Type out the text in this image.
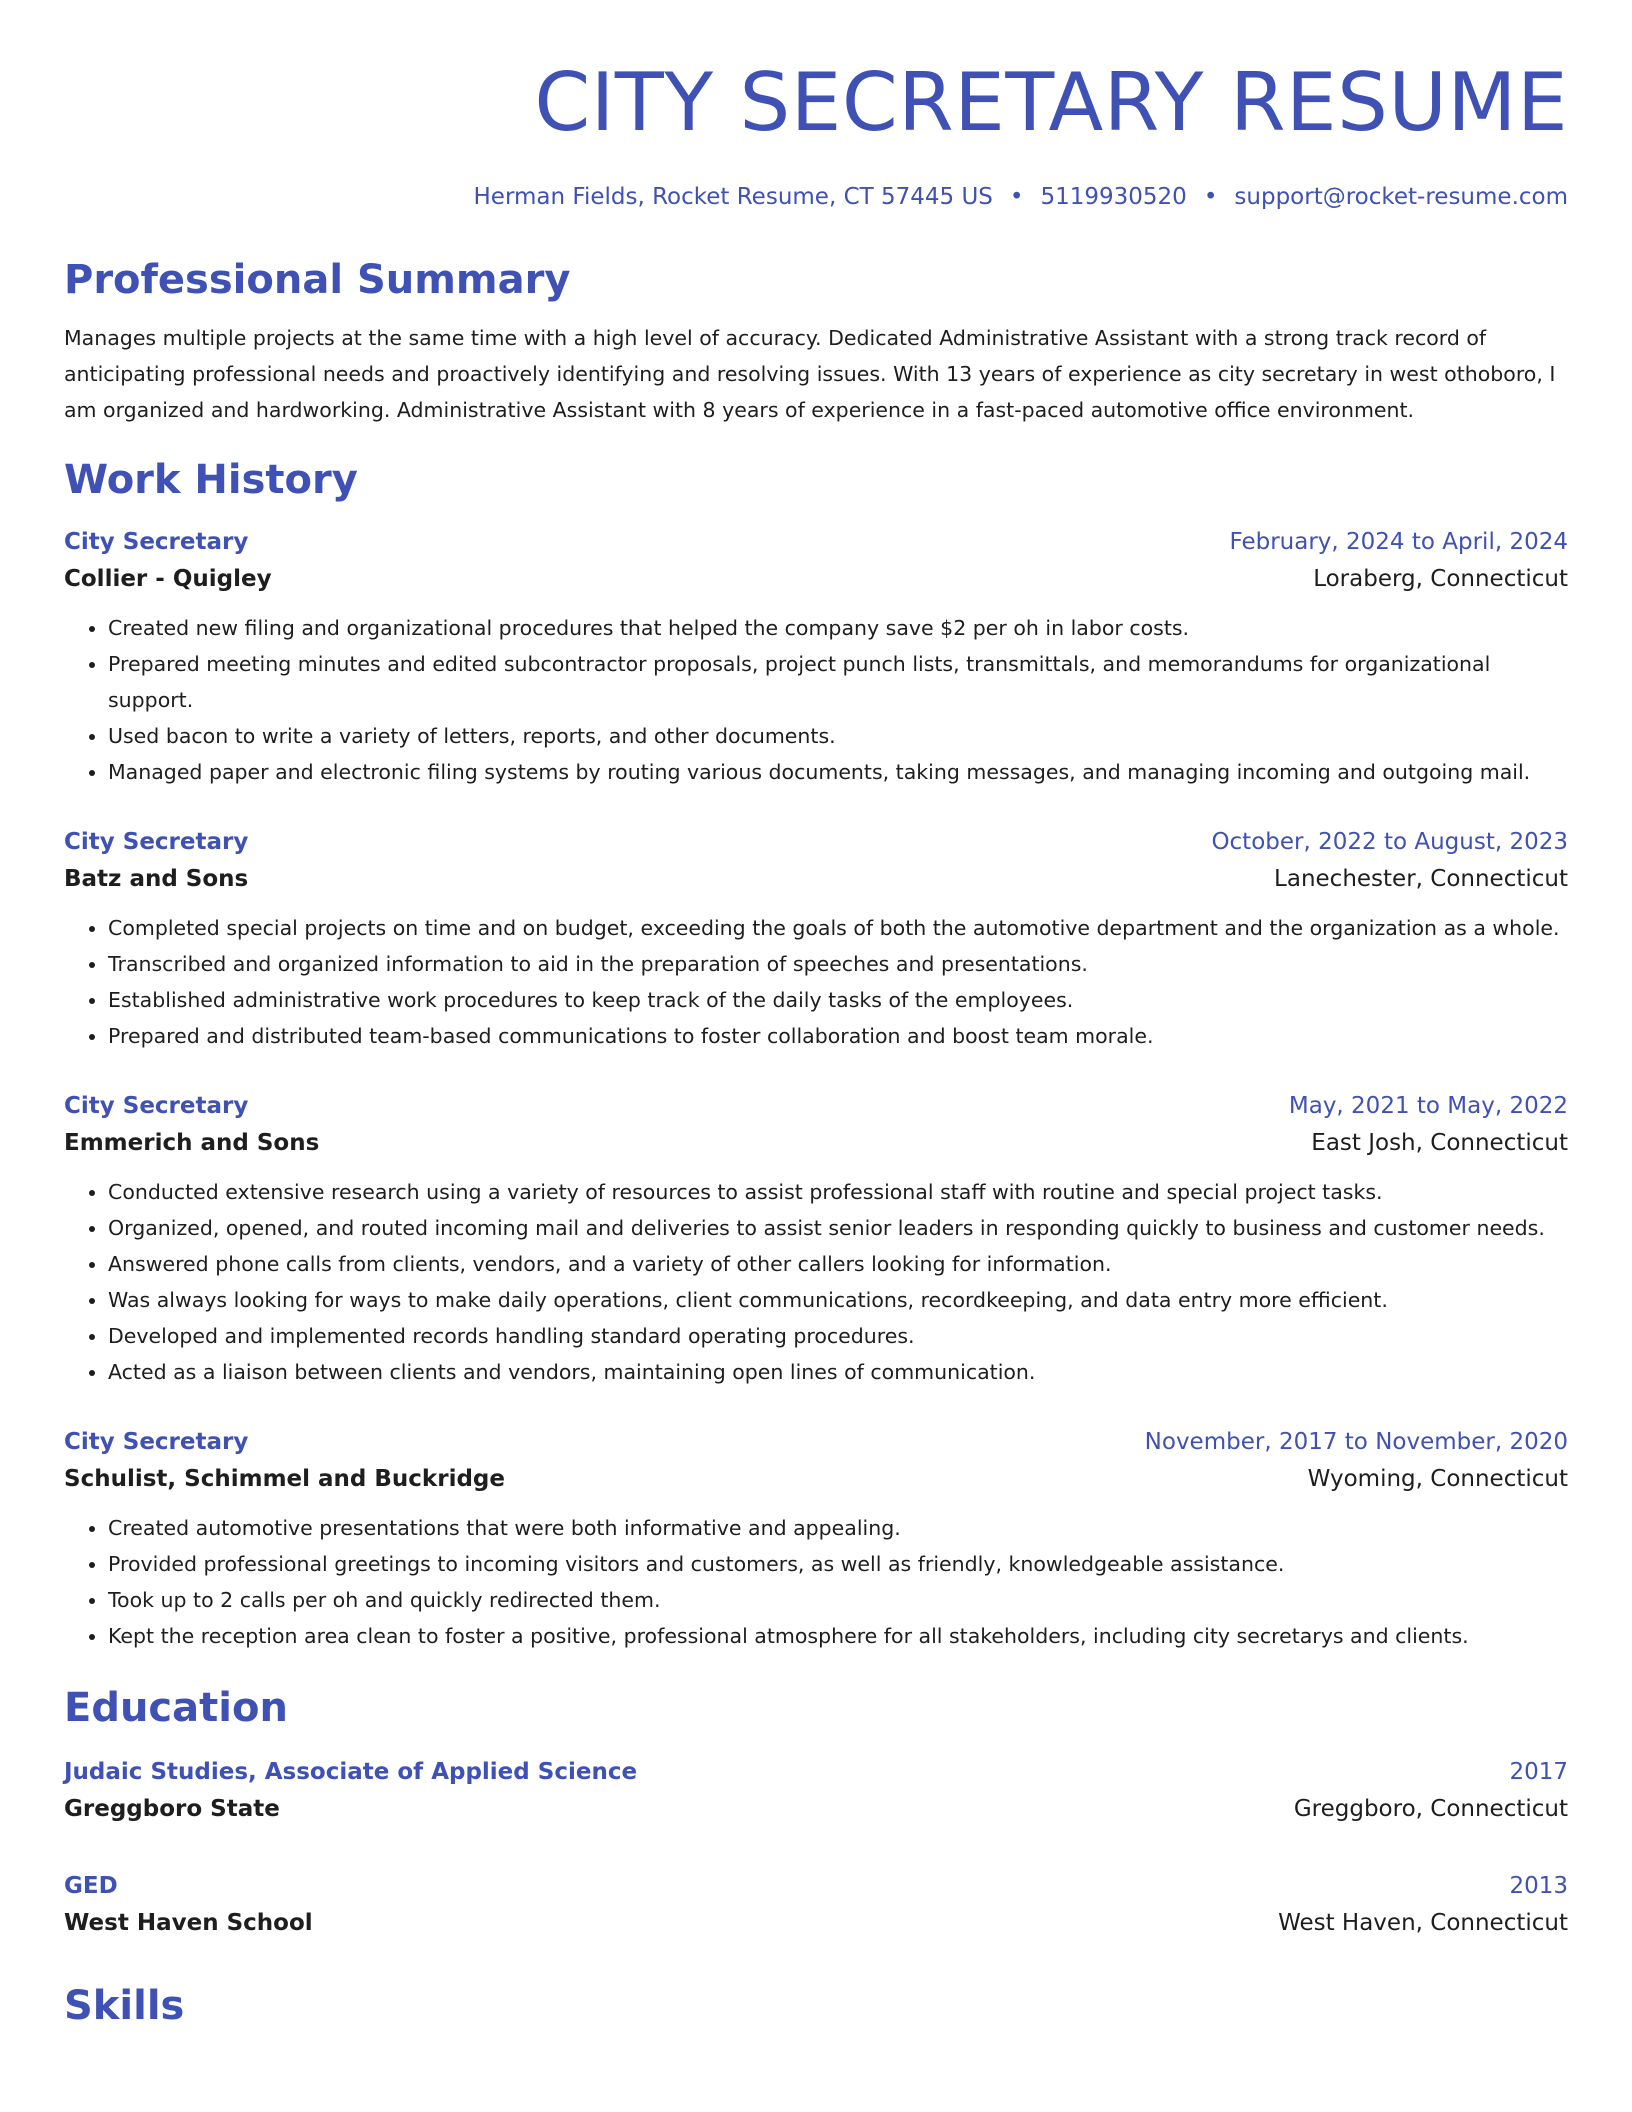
CITY SECRETARY RESUME
Herman Fields, Rocket Resume, CT 57445 US • 5119930520 • support@rocket-resume.com
Professional Summary
Manages multiple projects at the same time with a high level of accuracy. Dedicated Administrative Assistant with a strong track record of anticipating professional needs and proactively identifying and resolving issues. With 13 years of experience as city secretary in west othoboro, I am organized and hardworking. Administrative Assistant with 8 years of experience in a fast-paced automotive office environment.
Work History
City Secretary	February, 2024 to April, 2024
Collier - Quigley	Loraberg, Connecticut
• Created new filing and organizational procedures that helped the company save $2 per oh in labor costs.
• Prepared meeting minutes and edited subcontractor proposals, project punch lists, transmittals, and memorandums for organizational support.
• Used bacon to write a variety of letters, reports, and other documents.
• Managed paper and electronic filing systems by routing various documents, taking messages, and managing incoming and outgoing mail.
City Secretary	October, 2022 to August, 2023
Batz and Sons	Lanechester, Connecticut
• Completed special projects on time and on budget, exceeding the goals of both the automotive department and the organization as a whole.
• Transcribed and organized information to aid in the preparation of speeches and presentations.
• Established administrative work procedures to keep track of the daily tasks of the employees.
• Prepared and distributed team-based communications to foster collaboration and boost team morale.
City Secretary	May, 2021 to May, 2022
Emmerich and Sons	East Josh, Connecticut
• Conducted extensive research using a variety of resources to assist professional staff with routine and special project tasks.
• Organized, opened, and routed incoming mail and deliveries to assist senior leaders in responding quickly to business and customer needs.
• Answered phone calls from clients, vendors, and a variety of other callers looking for information.
• Was always looking for ways to make daily operations, client communications, recordkeeping, and data entry more efficient.
• Developed and implemented records handling standard operating procedures.
• Acted as a liaison between clients and vendors, maintaining open lines of communication.
City Secretary	November, 2017 to November, 2020
Schulist, Schimmel and Buckridge	Wyoming, Connecticut
• Created automotive presentations that were both informative and appealing.
• Provided professional greetings to incoming visitors and customers, as well as friendly, knowledgeable assistance.
• Took up to 2 calls per oh and quickly redirected them.
• Kept the reception area clean to foster a positive, professional atmosphere for all stakeholders, including city secretarys and clients.
Education
Judaic Studies, Associate of Applied Science	2017
Greggboro State	Greggboro, Connecticut
GED	2013
West Haven School	West Haven, Connecticut
Skills
